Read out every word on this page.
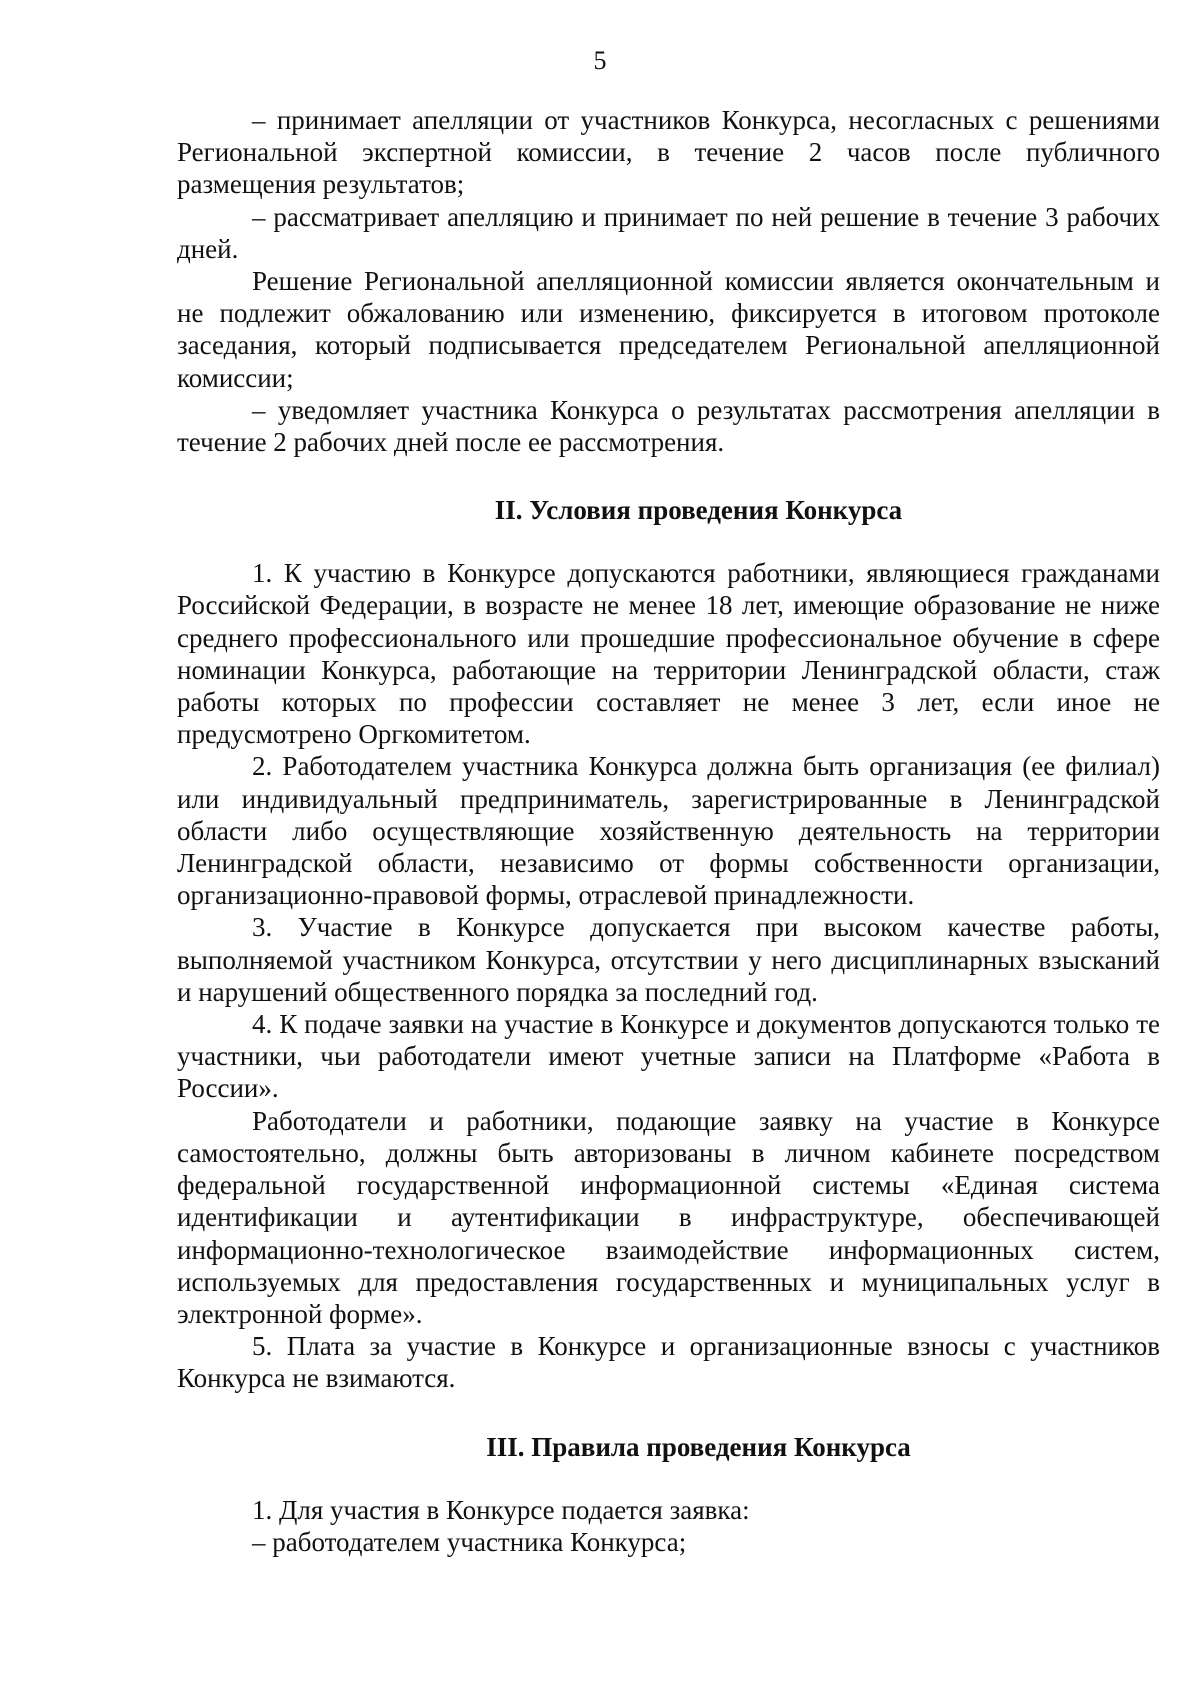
5

– принимает апелляции от участников Конкурса, несогласных с решениями Региональной экспертной комиссии, в течение 2 часов после публичного размещения результатов;

– рассматривает апелляцию и принимает по ней решение в течение 3 рабочих дней.

Решение Региональной апелляционной комиссии является окончательным и не подлежит обжалованию или изменению, фиксируется в итоговом протоколе заседания, который подписывается председателем Региональной апелляционной комиссии;

– уведомляет участника Конкурса о результатах рассмотрения апелляции в течение 2 рабочих дней после ее рассмотрения.

II. Условия проведения Конкурса

1. К участию в Конкурсе допускаются работники, являющиеся гражданами Российской Федерации, в возрасте не менее 18 лет, имеющие образование не ниже среднего профессионального или прошедшие профессиональное обучение в сфере номинации Конкурса, работающие на территории Ленинградской области, стаж работы которых по профессии составляет не менее 3 лет, если иное не предусмотрено Оргкомитетом.

2. Работодателем участника Конкурса должна быть организация (ее филиал) или индивидуальный предприниматель, зарегистрированные в Ленинградской области либо осуществляющие хозяйственную деятельность на территории Ленинградской области, независимо от формы собственности организации, организационно-правовой формы, отраслевой принадлежности.

3. Участие в Конкурсе допускается при высоком качестве работы, выполняемой участником Конкурса, отсутствии у него дисциплинарных взысканий и нарушений общественного порядка за последний год.

4. К подаче заявки на участие в Конкурсе и документов допускаются только те участники, чьи работодатели имеют учетные записи на Платформе «Работа в России».

Работодатели и работники, подающие заявку на участие в Конкурсе самостоятельно, должны быть авторизованы в личном кабинете посредством федеральной государственной информационной системы «Единая система идентификации и аутентификации в инфраструктуре, обеспечивающей информационно-технологическое взаимодействие информационных систем, используемых для предоставления государственных и муниципальных услуг в электронной форме».

5. Плата за участие в Конкурсе и организационные взносы с участников Конкурса не взимаются.

III. Правила проведения Конкурса

1. Для участия в Конкурсе подается заявка:

– работодателем участника Конкурса;
